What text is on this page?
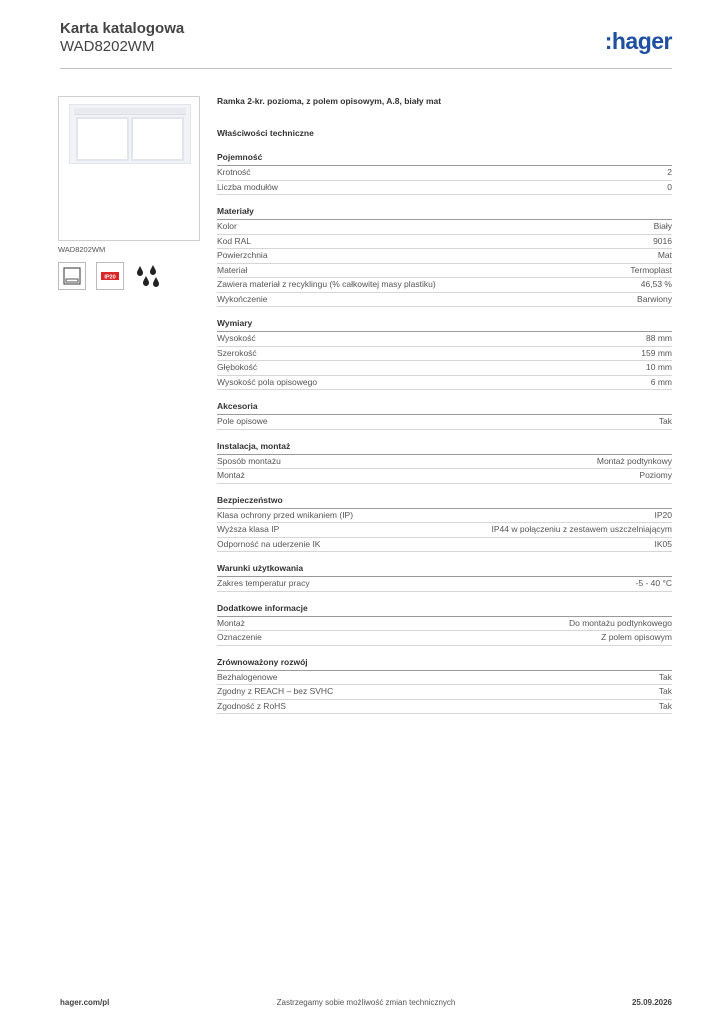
Karta katalogowa
WAD8202WM	:hager
WAD8202WM
IP20
Ramka 2-kr. pozioma, z polem opisowym, A.8, biały mat
Właściwości techniczne
Pojemność
Krotność	2
Liczba modułów	0
Materiały
Kolor	Biały
Kod RAL	9016
Powierzchnia	Mat
Materiał	Termoplast
Zawiera materiał z recyklingu (% całkowitej masy plastiku)	46,53 %
Wykończenie	Barwiony
Wymiary
Wysokość	88 mm
Szerokość	159 mm
Głębokość	10 mm
Wysokość pola opisowego	6 mm
Akcesoria
Pole opisowe	Tak
Instalacja, montaż
Sposób montażu	Montaż podtynkowy
Montaż	Poziomy
Bezpieczeństwo
Klasa ochrony przed wnikaniem (IP)	IP20
Wyższa klasa IP	IP44 w połączeniu z zestawem uszczelniającym
Odporność na uderzenie IK	IK05
Warunki użytkowania
Zakres temperatur pracy	-5 - 40 °C
Dodatkowe informacje
Montaż	Do montażu podtynkowego
Oznaczenie	Z polem opisowym
Zrównoważony rozwój
Bezhalogenowe	Tak
Zgodny z REACH – bez SVHC	Tak
Zgodność z RoHS	Tak
hager.com/pl	Zastrzegamy sobie możliwość zmian technicznych	25.09.2026
